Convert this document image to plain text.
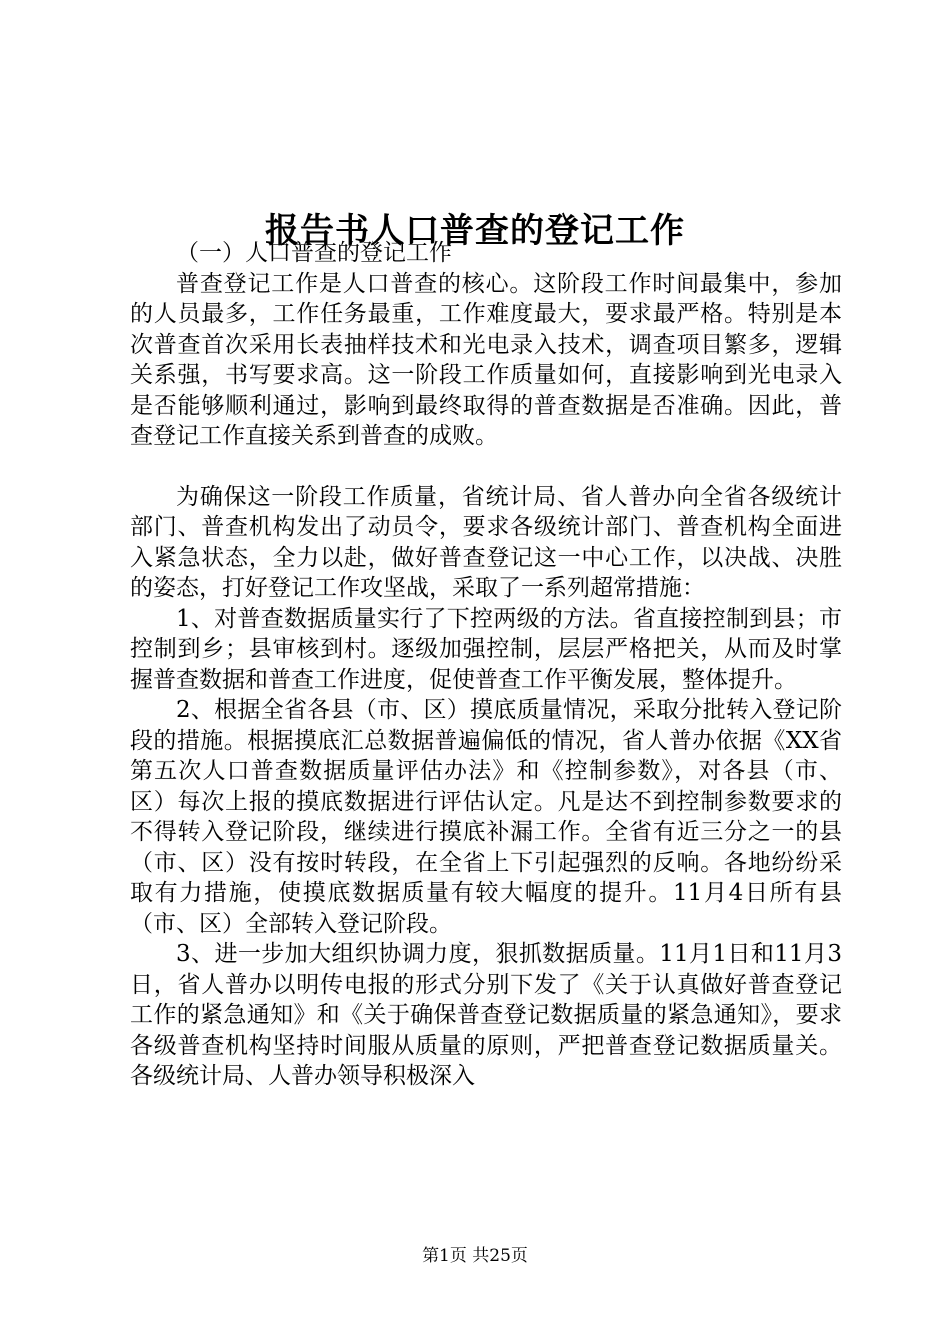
报告书人口普查的登记工作

（一）人口普查的登记工作

普查登记工作是人口普查的核心。这阶段工作时间最集中，参加的人员最多，工作任务最重，工作难度最大，要求最严格。特别是本次普查首次采用长表抽样技术和光电录入技术，调查项目繁多，逻辑关系强，书写要求高。这一阶段工作质量如何，直接影响到光电录入是否能够顺利通过，影响到最终取得的普查数据是否准确。因此，普查登记工作直接关系到普查的成败。

为确保这一阶段工作质量，省统计局、省人普办向全省各级统计部门、普查机构发出了动员令，要求各级统计部门、普查机构全面进入紧急状态，全力以赴，做好普查登记这一中心工作，以决战、决胜的姿态，打好登记工作攻坚战，采取了一系列超常措施：

1、对普查数据质量实行了下控两级的方法。省直接控制到县；市控制到乡；县审核到村。逐级加强控制，层层严格把关，从而及时掌握普查数据和普查工作进度，促使普查工作平衡发展，整体提升。

2、根据全省各县（市、区）摸底质量情况，采取分批转入登记阶段的措施。根据摸底汇总数据普遍偏低的情况，省人普办依据《XX省第五次人口普查数据质量评估办法》和《控制参数》，对各县（市、区）每次上报的摸底数据进行评估认定。凡是达不到控制参数要求的不得转入登记阶段，继续进行摸底补漏工作。全省有近三分之一的县（市、区）没有按时转段，在全省上下引起强烈的反响。各地纷纷采取有力措施，使摸底数据质量有较大幅度的提升。11月4日所有县（市、区）全部转入登记阶段。

3、进一步加大组织协调力度，狠抓数据质量。11月1日和11月3日，省人普办以明传电报的形式分别下发了《关于认真做好普查登记工作的紧急通知》和《关于确保普查登记数据质量的紧急通知》，要求各级普查机构坚持时间服从质量的原则，严把普查登记数据质量关。各级统计局、人普办领导积极深入

第1页 共25页
